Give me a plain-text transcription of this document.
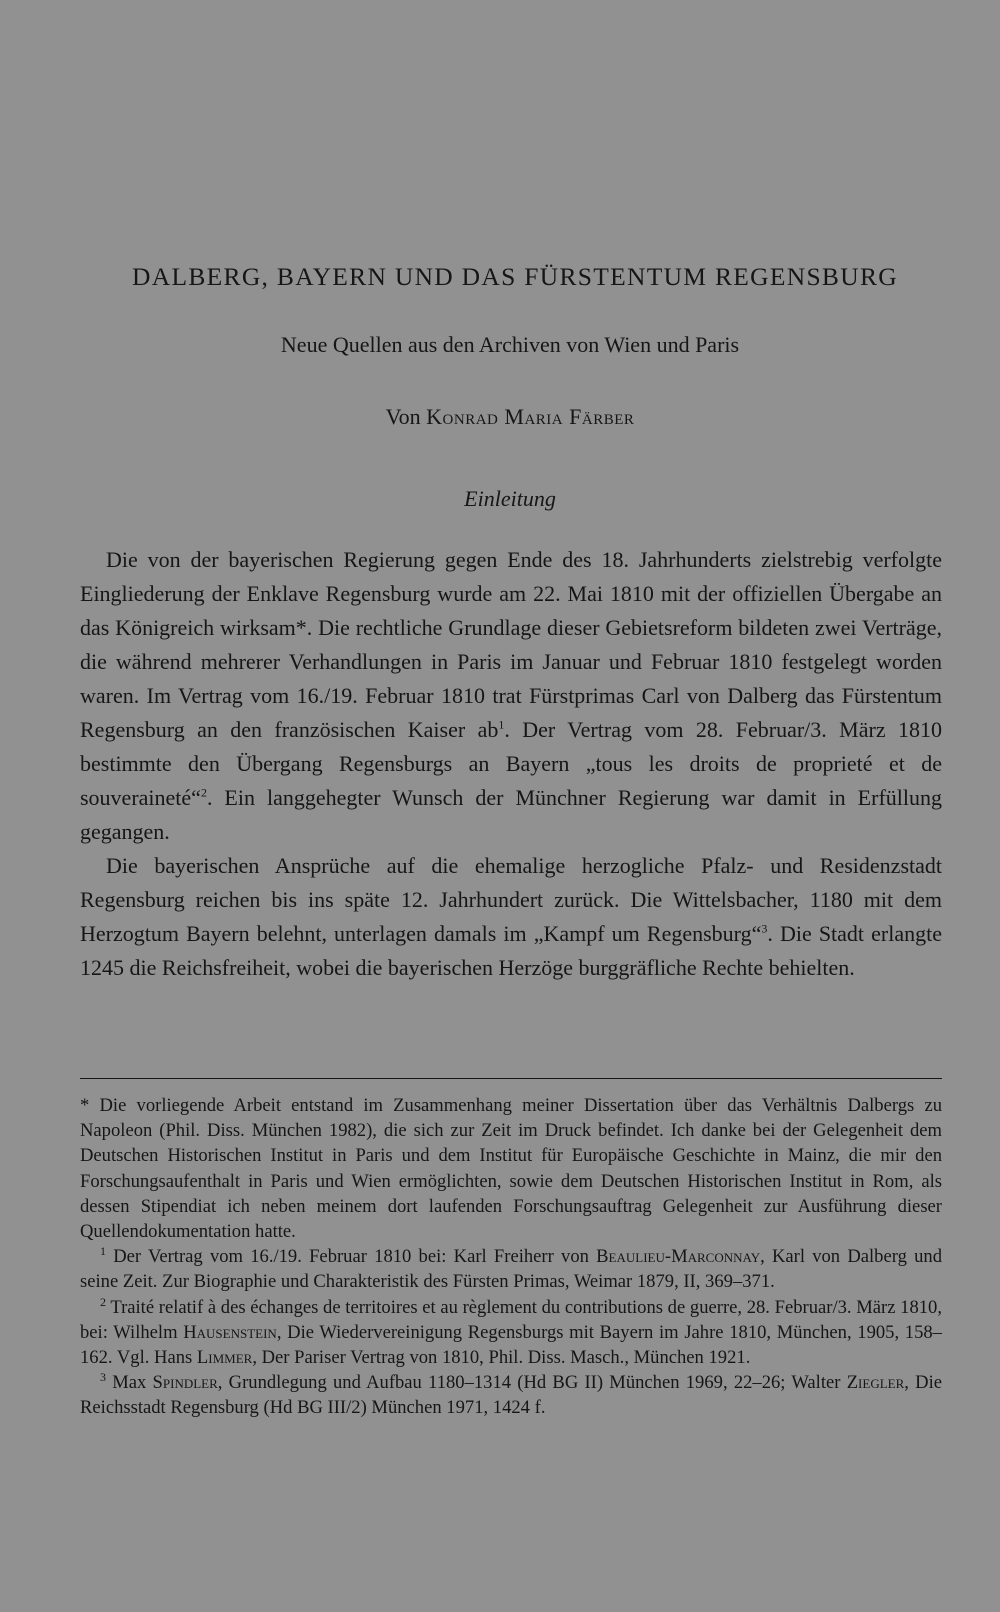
DALBERG, BAYERN UND DAS FÜRSTENTUM REGENSBURG

Neue Quellen aus den Archiven von Wien und Paris

Von Konrad Maria Färber

Einleitung

Die von der bayerischen Regierung gegen Ende des 18. Jahrhunderts zielstrebig verfolgte Eingliederung der Enklave Regensburg wurde am 22. Mai 1810 mit der offiziellen Übergabe an das Königreich wirksam*. Die rechtliche Grundlage dieser Gebietsreform bildeten zwei Verträge, die während mehrerer Verhandlungen in Paris im Januar und Februar 1810 festgelegt worden waren. Im Vertrag vom 16./19. Februar 1810 trat Fürstprimas Carl von Dalberg das Fürstentum Regensburg an den französischen Kaiser $ab^1$. Der Vertrag vom 28. Februar/3. März 1810 bestimmte den Übergang Regensburgs an Bayern „tous les droits de proprieté et de souveraineté“$^2$. Ein langgehegter Wunsch der Münchner Regierung war damit in Erfüllung gegangen.

Die bayerischen Ansprüche auf die ehemalige herzogliche Pfalz- und Residenzstadt Regensburg reichen bis ins späte 12. Jahrhundert zurück. Die Wittelsbacher, 1180 mit dem Herzogtum Bayern belehnt, unterlagen damals im „Kampf um Regensburg“$^3$. Die Stadt erlangte 1245 die Reichsfreiheit, wobei die bayerischen Herzöge burggräfliche Rechte behielten.

* Die vorliegende Arbeit entstand im Zusammenhang meiner Dissertation über das Verhältnis Dalbergs zu Napoleon (Phil. Diss. München 1982), die sich zur Zeit im Druck befindet. Ich danke bei der Gelegenheit dem Deutschen Historischen Institut in Paris und dem Institut für Europäische Geschichte in Mainz, die mir den Forschungsaufenthalt in Paris und Wien ermöglichten, sowie dem Deutschen Historischen Institut in Rom, als dessen Stipendiat ich neben meinem dort laufenden Forschungsauftrag Gelegenheit zur Ausführung dieser Quellendokumentation hatte.

$^1$ Der Vertrag vom 16./19. Februar 1810 bei: Karl Freiherr von Beaulieu-Marconnay, Karl von Dalberg und seine Zeit. Zur Biographie und Charakteristik des Fürsten Primas, Weimar 1879, II, 369–371.

$^2$ Traité relatif à des échanges de territoires et au règlement du contributions de guerre, 28. Februar/3. März 1810, bei: Wilhelm Hausenstein, Die Wiedervereinigung Regensburgs mit Bayern im Jahre 1810, München, 1905, 158–162. Vgl. Hans Limmer, Der Pariser Vertrag von 1810, Phil. Diss. Masch., München 1921.

$^3$ Max Spindler, Grundlegung und Aufbau 1180–1314 (Hd BG II) München 1969, 22–26; Walter Ziegler, Die Reichsstadt Regensburg (Hd BG III/2) München 1971, 1424 f.
